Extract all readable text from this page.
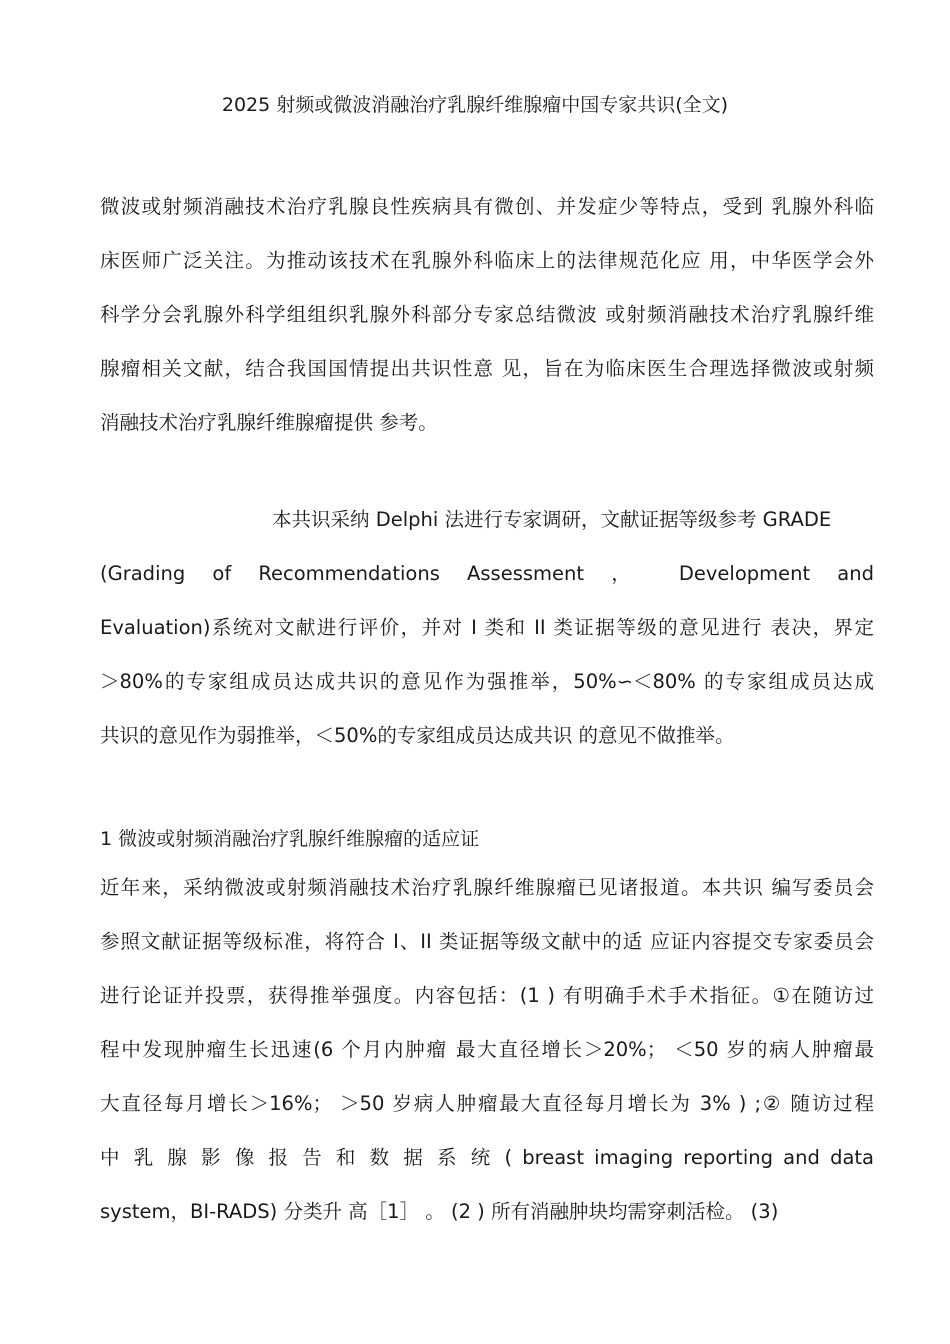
2025 射频或微波消融治疗乳腺纤维腺瘤中国专家共识(全文)
微波或射频消融技术治疗乳腺良性疾病具有微创、并发症少等特点，受到 乳腺外科临
床医师广泛关注。为推动该技术在乳腺外科临床上的法律规范化应 用，中华医学会外
科学分会乳腺外科学组组织乳腺外科部分专家总结微波 或射频消融技术治疗乳腺纤维
腺瘤相关文献，结合我国国情提出共识性意 见，旨在为临床医生合理选择微波或射频
消融技术治疗乳腺纤维腺瘤提供 参考。
本共识采纳 Delphi 法进行专家调研，文献证据等级参考 GRADE
(Grading of Recommendations Assessment ， Development and
Evaluation)系统对文献进行评价，并对 I 类和 II 类证据等级的意见进行 表决，界定
＞80%的专家组成员达成共识的意见作为强推举，50%∽＜80% 的专家组成员达成
共识的意见作为弱推举，＜50%的专家组成员达成共识 的意见不做推举。
1 微波或射频消融治疗乳腺纤维腺瘤的适应证
近年来，采纳微波或射频消融技术治疗乳腺纤维腺瘤已见诸报道。本共识 编写委员会
参照文献证据等级标准，将符合 I、II 类证据等级文献中的适 应证内容提交专家委员会
进行论证并投票，获得推举强度。内容包括：(1 ) 有明确手术手术指征。①在随访过
程中发现肿瘤生长迅速(6 个月内肿瘤 最大直径增长＞20%； ＜50 岁的病人肿瘤最
大直径每月增长＞16%； ＞50 岁病人肿瘤最大直径每月增长为 3% ) ;② 随访过程
中 乳 腺 影 像 报 告 和 数 据 系 统 ( breast imaging reporting and data
system，BI-RADS) 分类升 高［1］ 。 (2 ) 所有消融肿块均需穿刺活检。 (3)
